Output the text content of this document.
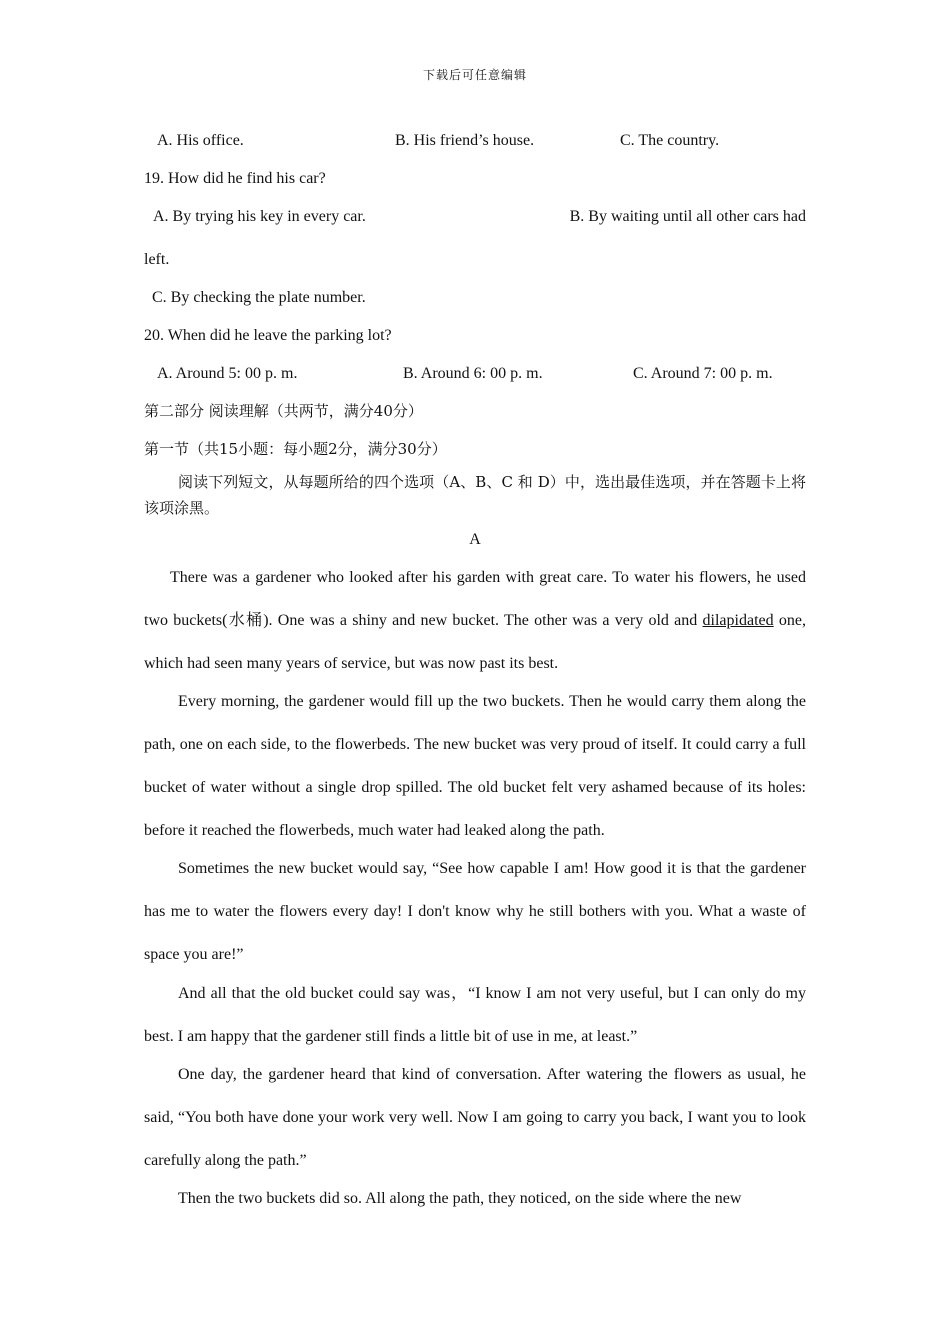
下载后可任意编辑
A. His office.	B. His friend’s house.	C. The country.
19. How did he find his car?
A. By trying his key in every car.	B. By waiting until all other cars had
left.
C. By checking the plate number.
20. When did he leave the parking lot?
A. Around 5: 00 p. m.	B. Around 6: 00 p. m.	C. Around 7: 00 p. m.
第二部分 阅读理解（共两节，满分40分）
第一节（共15小题：每小题2分，满分30分）
阅读下列短文，从每题所给的四个选项（A、B、C 和 D）中，选出最佳选项，并在答题卡上将该项涂黑。
A
There was a gardener who looked after his garden with great care. To water his flowers, he used two buckets(水桶). One was a shiny and new bucket. The other was a very old and dilapidated one, which had seen many years of service, but was now past its best.
Every morning, the gardener would fill up the two buckets. Then he would carry them along the path, one on each side, to the flowerbeds. The new bucket was very proud of itself. It could carry a full bucket of water without a single drop spilled. The old bucket felt very ashamed because of its holes: before it reached the flowerbeds, much water had leaked along the path.
Sometimes the new bucket would say, “See how capable I am! How good it is that the gardener has me to water the flowers every day! I don't know why he still bothers with you. What a waste of space you are!”
And all that the old bucket could say was，“I know I am not very useful, but I can only do my best. I am happy that the gardener still finds a little bit of use in me, at least.”
One day, the gardener heard that kind of conversation. After watering the flowers as usual, he said, “You both have done your work very well. Now I am going to carry you back, I want you to look carefully along the path.”
Then the two buckets did so. All along the path, they noticed, on the side where the new
